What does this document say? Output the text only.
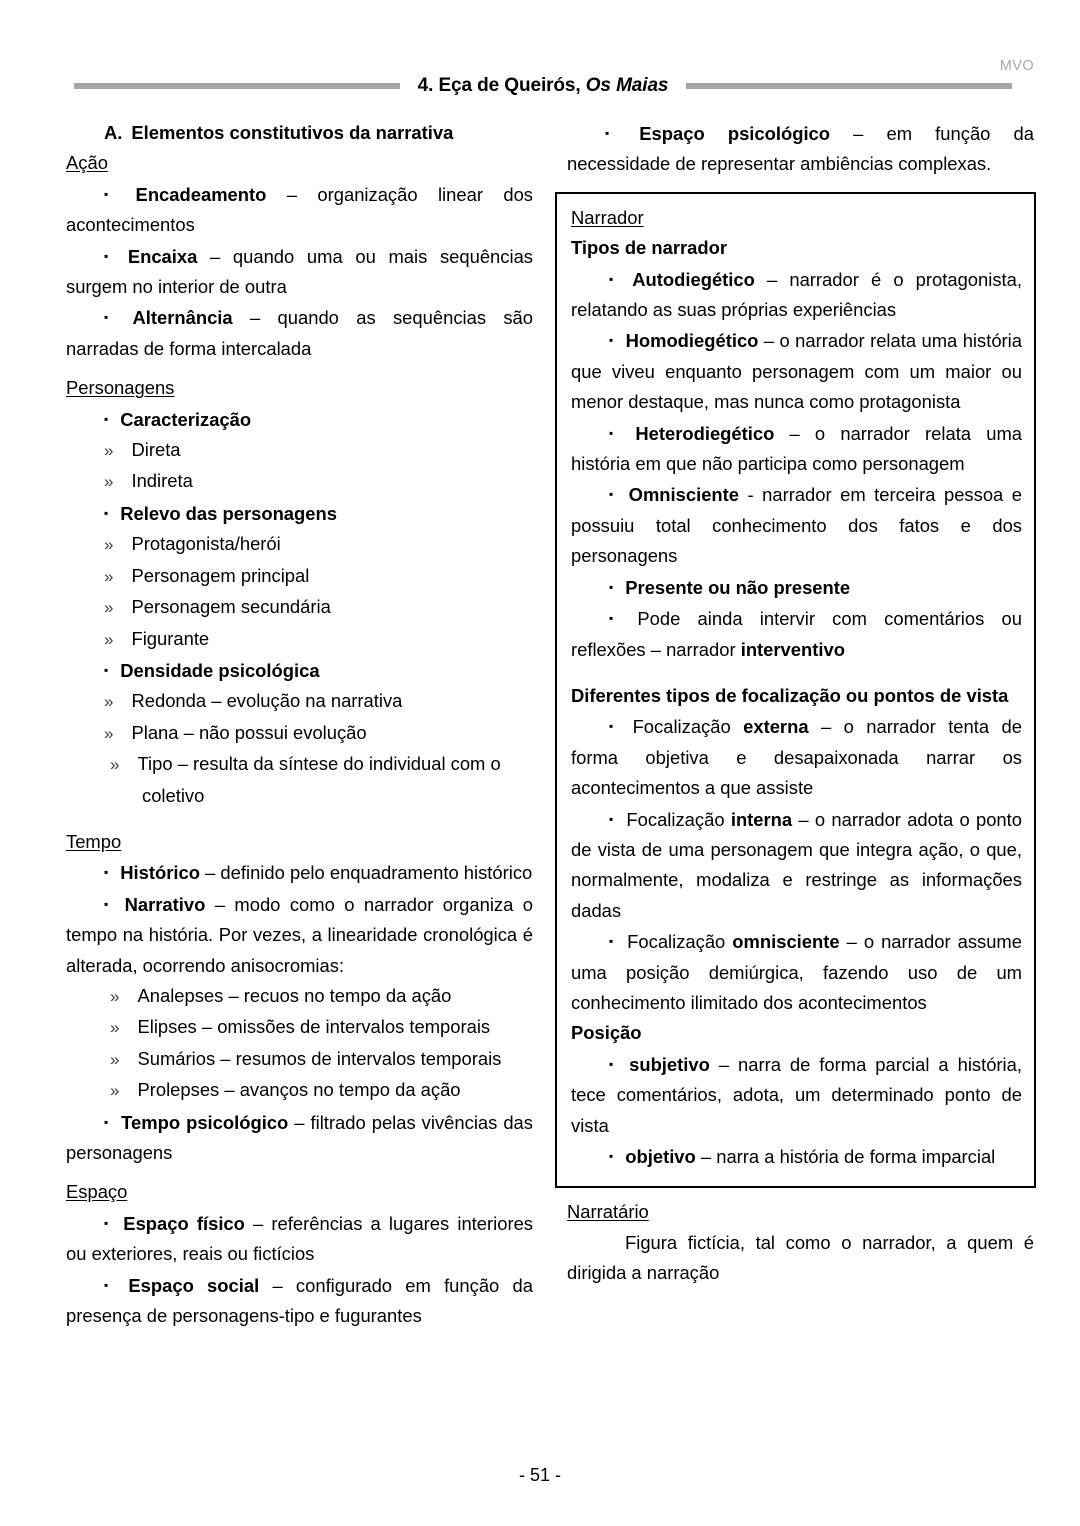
MVO
4. Eça de Queirós, Os Maias

A. Elementos constitutivos da narrativa

Ação

▪ Encadeamento – organização linear dos acontecimentos

▪ Encaixa – quando uma ou mais sequências surgem no interior de outra

▪ Alternância – quando as sequências são narradas de forma intercalada

Personagens

▪ Caracterização

» Direta

» Indireta

▪ Relevo das personagens

» Protagonista/herói

» Personagem principal

» Personagem secundária

» Figurante

▪ Densidade psicológica

» Redonda – evolução na narrativa

» Plana – não possui evolução

» Tipo – resulta da síntese do individual com o coletivo

Tempo

▪ Histórico – definido pelo enquadramento histórico

▪ Narrativo – modo como o narrador organiza o tempo na história. Por vezes, a linearidade cronológica é alterada, ocorrendo anisocromias:

» Analepses – recuos no tempo da ação

» Elipses – omissões de intervalos temporais

» Sumários – resumos de intervalos temporais

» Prolepses – avanços no tempo da ação

▪ Tempo psicológico – filtrado pelas vivências das personagens

Espaço

▪ Espaço físico – referências a lugares interiores ou exteriores, reais ou fictícios

▪ Espaço social – configurado em função da presença de personagens-tipo e fugurantes

▪ Espaço psicológico – em função da necessidade de representar ambiências complexas.

Narrador

Tipos de narrador

▪ Autodiegético – narrador é o protagonista, relatando as suas próprias experiências

▪ Homodiegético – o narrador relata uma história que viveu enquanto personagem com um maior ou menor destaque, mas nunca como protagonista

▪ Heterodiegético – o narrador relata uma história em que não participa como personagem

▪ Omnisciente - narrador em terceira pessoa e possuiu total conhecimento dos fatos e dos personagens

▪ Presente ou não presente

▪ Pode ainda intervir com comentários ou reflexões – narrador interventivo

Diferentes tipos de focalização ou pontos de vista

▪ Focalização externa – o narrador tenta de forma objetiva e desapaixonada narrar os acontecimentos a que assiste

▪ Focalização interna – o narrador adota o ponto de vista de uma personagem que integra ação, o que, normalmente, modaliza e restringe as informações dadas

▪ Focalização omnisciente – o narrador assume uma posição demiúrgica, fazendo uso de um conhecimento ilimitado dos acontecimentos

Posição

▪ subjetivo – narra de forma parcial a história, tece comentários, adota, um determinado ponto de vista

▪ objetivo – narra a história de forma imparcial

Narratário

Figura fictícia, tal como o narrador, a quem é dirigida a narração

- 51 -
